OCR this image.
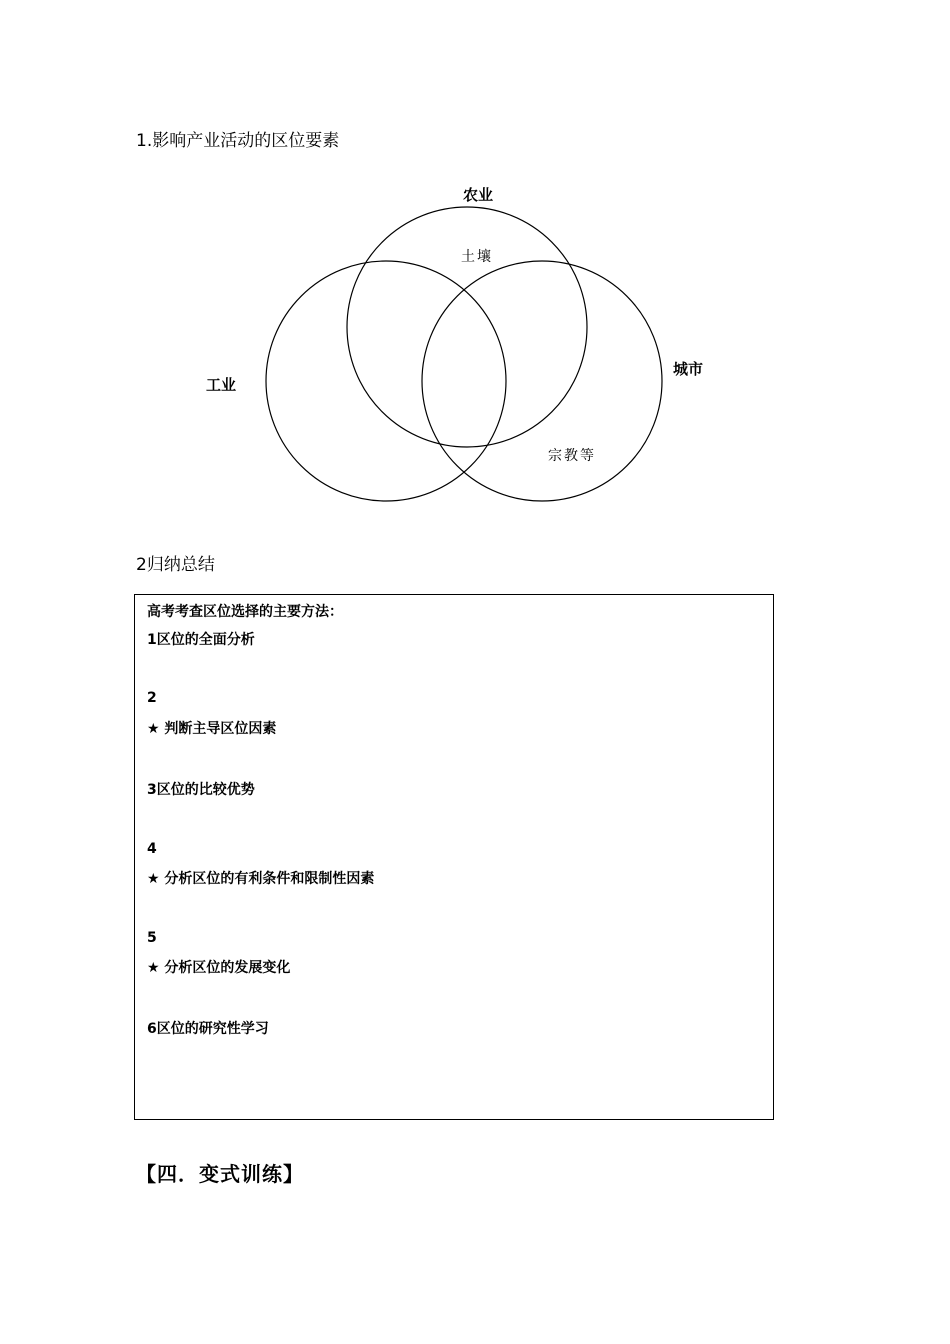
1.影响产业活动的区位要素
农业
土壤
工业
城市
宗教等
2归纳总结
高考考查区位选择的主要方法：
1区位的全面分析
2
★ 判断主导区位因素
3区位的比较优势
4
★ 分析区位的有利条件和限制性因素
5
★ 分析区位的发展变化
6区位的研究性学习
【四．变式训练】
